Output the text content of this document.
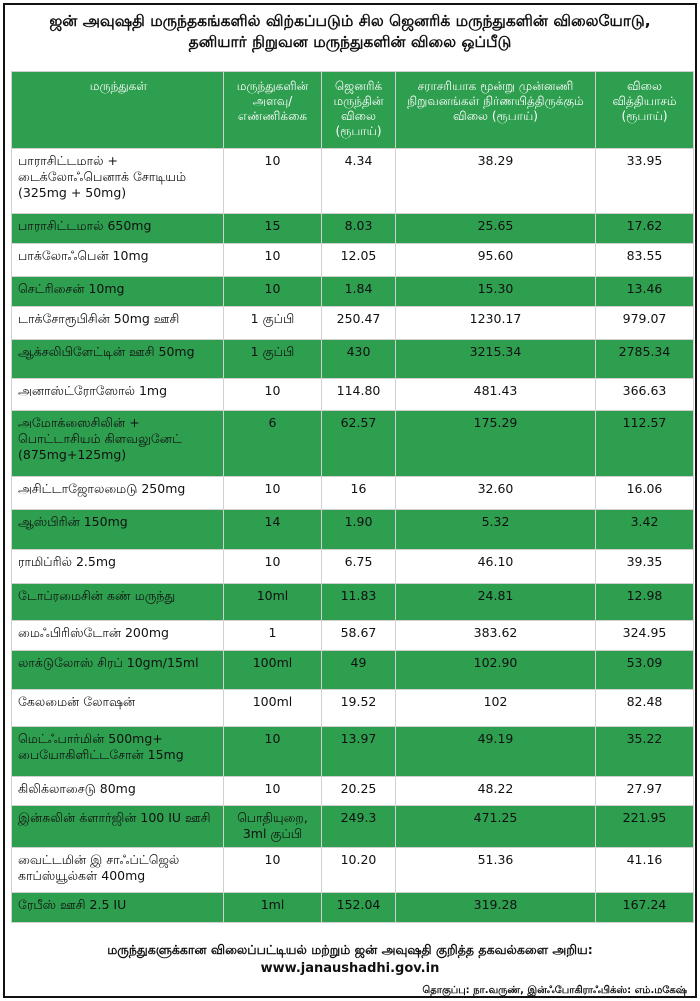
ஜன் அவுஷதி மருந்தகங்களில் விற்கப்படும் சில ஜெனரிக் மருந்துகளின் விலையோடு,
தனியார் நிறுவன மருந்துகளின் விலை ஒப்பீடு
மருந்துகள்	மருந்துகளின் அளவு/ எண்ணிக்கை	ஜெனரிக் மருந்தின் விலை (ரூபாய்)	சராசரியாக மூன்று முன்னணி நிறுவனங்கள் நிர்ணயித்திருக்கும் விலை (ரூபாய்)	விலை வித்தியாசம் (ரூபாய்)
பாராசிட்டமால் + டைக்லோஃபெனாக் சோடியம் (325mg + 50mg)	10	4.34	38.29	33.95
பாராசிட்டமால் 650mg	15	8.03	25.65	17.62
பாக்லோஃபென் 10mg	10	12.05	95.60	83.55
செட்ரிசைன் 10mg	10	1.84	15.30	13.46
டாக்சோரூபிசின் 50mg ஊசி	1 குப்பி	250.47	1230.17	979.07
ஆக்சலிபிளேட்டின் ஊசி 50mg	1 குப்பி	430	3215.34	2785.34
அனாஸ்ட்ரோஸோல் 1mg	10	114.80	481.43	366.63
அமோக்ஸைசிலின் + பொட்டாசியம் கிளவலுனேட் (875mg+125mg)	6	62.57	175.29	112.57
அசிட்டாஜோலமைடு 250mg	10	16	32.60	16.06
ஆஸ்பிரின் 150mg	14	1.90	5.32	3.42
ராமிப்ரில் 2.5mg	10	6.75	46.10	39.35
டோப்ரமைசின் கண் மருந்து	10ml	11.83	24.81	12.98
மைஃபிரிஸ்டோன் 200mg	1	58.67	383.62	324.95
லாக்டுலோஸ் சிரப் 10gm/15ml	100ml	49	102.90	53.09
கேலமைன் லோஷன்	100ml	19.52	102	82.48
மெட்ஃபார்மின் 500mg+ பையோகிளிட்டசோன் 15mg	10	13.97	49.19	35.22
கிலிக்லாசைடு 80mg	10	20.25	48.22	27.97
இன்சுலின் க்ளார்ஜின் 100 IU ஊசி	பொதியுறை, 3ml குப்பி	249.3	471.25	221.95
வைட்டமின் இ சாஃப்ட்ஜெல் காப்ஸ்யூல்கள் 400mg	10	10.20	51.36	41.16
ரேபீஸ் ஊசி 2.5 IU	1ml	152.04	319.28	167.24
மருந்துகளுக்கான விலைப்பட்டியல் மற்றும் ஜன் அவுஷதி குறித்த தகவல்களை அறிய:
www.janaushadhi.gov.in
தொகுப்பு: நா.வருண், இன்ஃபோகிராஃபிக்ஸ்: எம்.மகேஷ்
